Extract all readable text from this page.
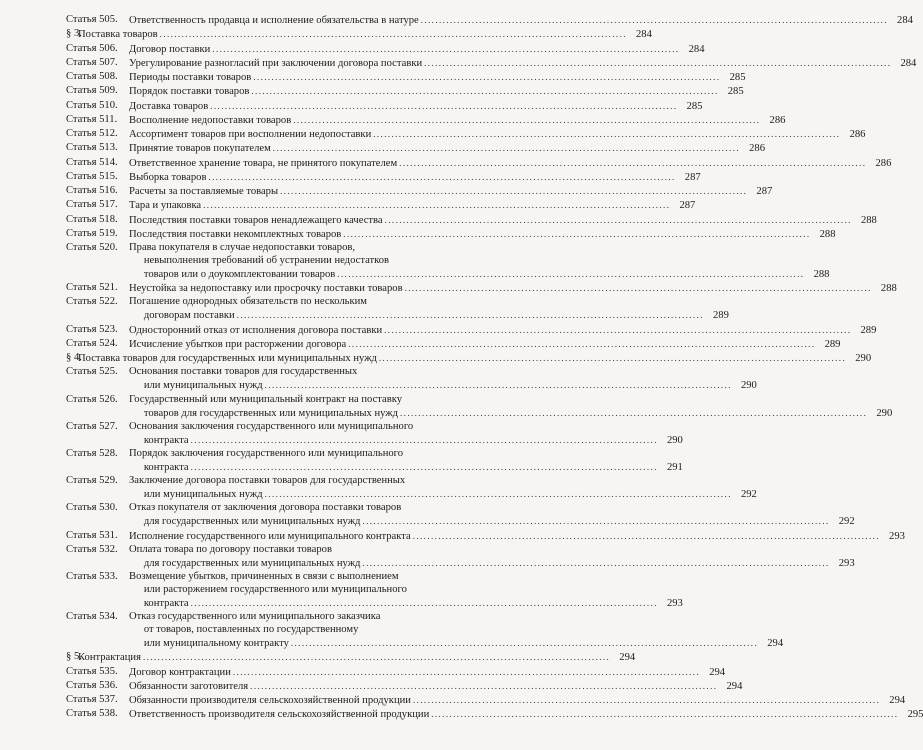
Статья 505.	Ответственность продавца и исполнение обязательства в натуре .....	284
§ 3.
Поставка товаров .....	284
Статья 506.	Договор поставки .....	284
Статья 507.	Урегулирование разногласий при заключении договора поставки .....	284
Статья 508.	Периоды поставки товаров .....	285
Статья 509.	Порядок поставки товаров .....	285
Статья 510.	Доставка товаров .....	285
Статья 511.	Восполнение недопоставки товаров .....	286
Статья 512.	Ассортимент товаров при восполнении недопоставки .....	286
Статья 513.	Принятие товаров покупателем .....	286
Статья 514.	Ответственное хранение товара, не принятого покупателем .....	286
Статья 515.	Выборка товаров .....	287
Статья 516.	Расчеты за поставляемые товары .....	287
Статья 517.	Тара и упаковка .....	287
Статья 518.	Последствия поставки товаров ненадлежащего качества .....	288
Статья 519.	Последствия поставки некомплектных товаров .....	288
Статья 520.	Права покупателя в случае недопоставки товаров,
невыполнения требований об устранении недостатков
товаров или о доукомплектовании товаров .....	288
Статья 521.	Неустойка за недопоставку или просрочку поставки товаров .....	288
Статья 522.	Погашение однородных обязательств по нескольким
договорам поставки .....	289
Статья 523.	Односторонний отказ от исполнения договора поставки .....	289
Статья 524.	Исчисление убытков при расторжении договора .....	289
§ 4.
Поставка товаров для государственных или муниципальных нужд .....	290
Статья 525.	Основания поставки товаров для государственных
или муниципальных нужд .....	290
Статья 526.	Государственный или муниципальный контракт на поставку
товаров для государственных или муниципальных нужд .....	290
Статья 527.	Основания заключения государственного или муниципального
контракта .....	290
Статья 528.	Порядок заключения государственного или муниципального
контракта .....	291
Статья 529.	Заключение договора поставки товаров для государственных
или муниципальных нужд .....	292
Статья 530.	Отказ покупателя от заключения договора поставки товаров
для государственных или муниципальных нужд .....	292
Статья 531.	Исполнение государственного или муниципального контракта .....	293
Статья 532.	Оплата товара по договору поставки товаров
для государственных или муниципальных нужд .....	293
Статья 533.	Возмещение убытков, причиненных в связи с выполнением
или расторжением государственного или муниципального
контракта .....	293
Статья 534.	Отказ государственного или муниципального заказчика
от товаров, поставленных по государственному
или муниципальному контракту .....	294
§ 5.
Контрактация .....	294
Статья 535.	Договор контрактации .....	294
Статья 536.	Обязанности заготовителя .....	294
Статья 537.	Обязанности производителя сельскохозяйственной продукции .....	294
Статья 538.	Ответственность производителя сельскохозяйственной продукции .....	295
